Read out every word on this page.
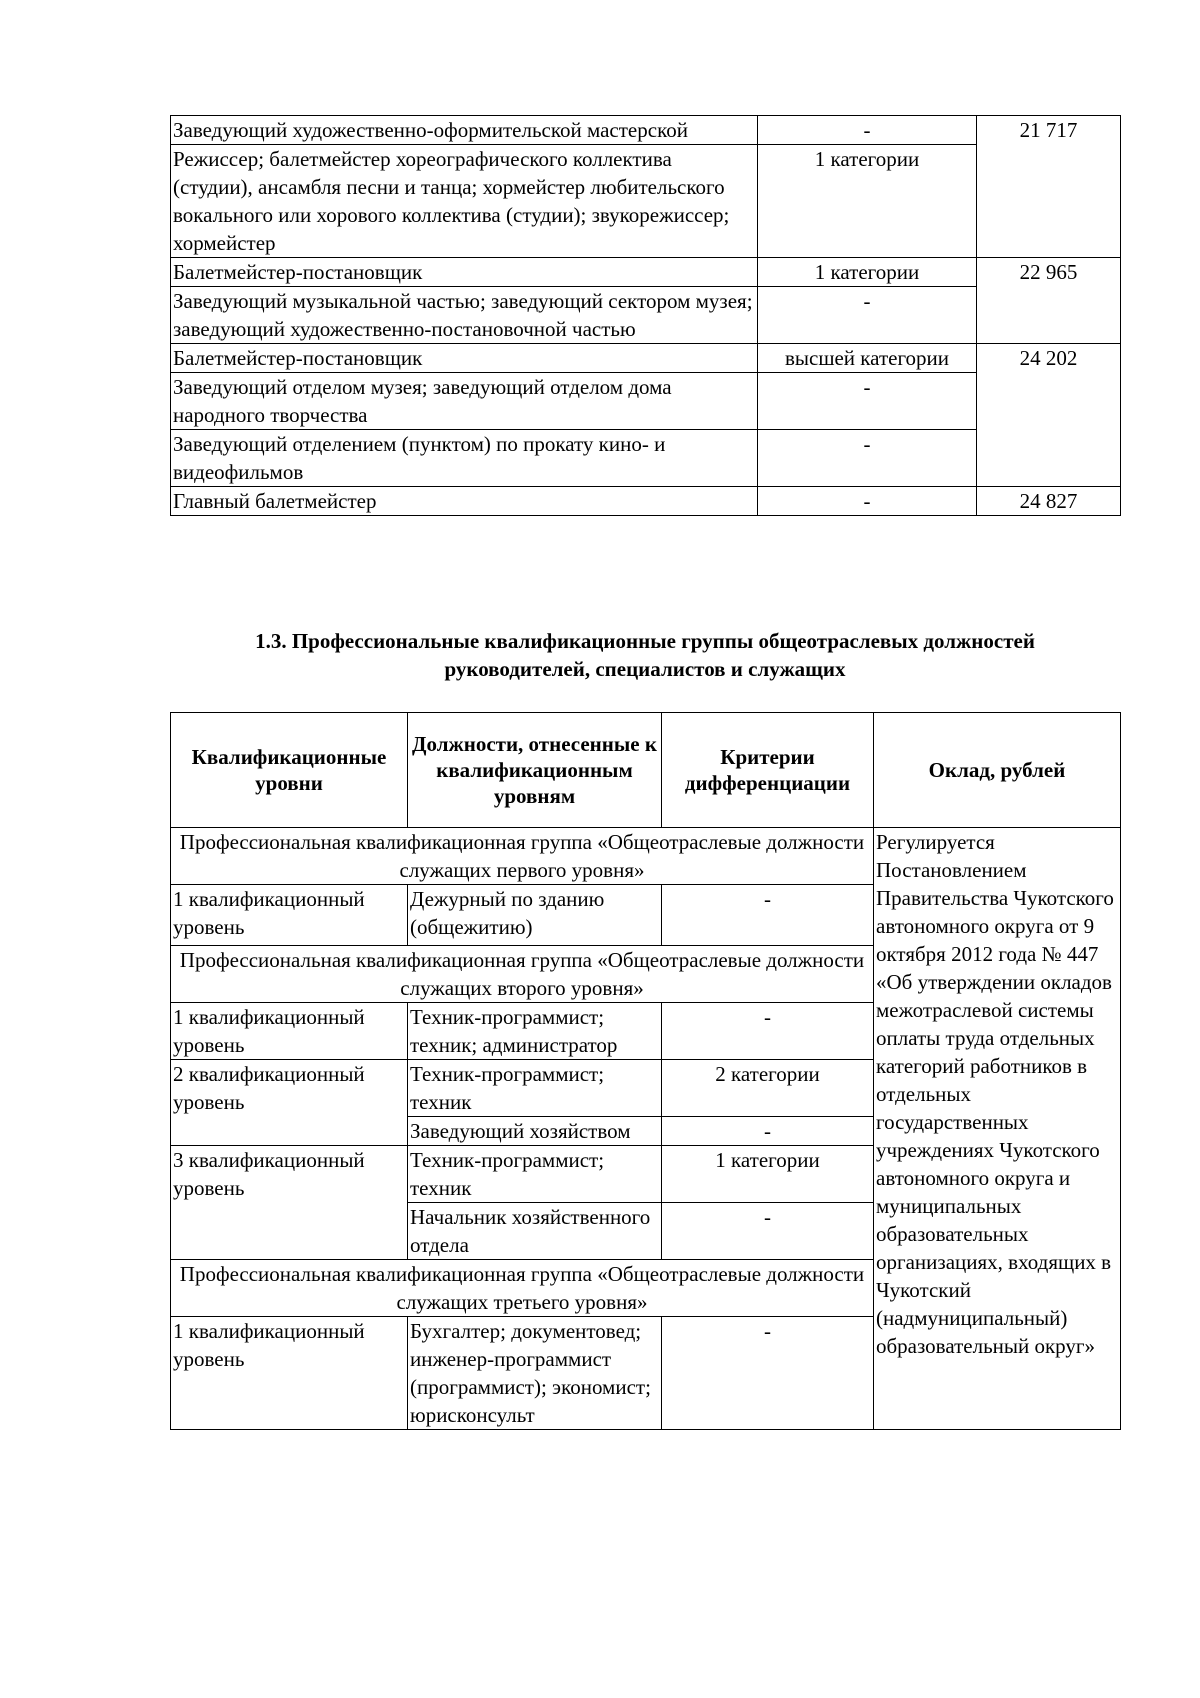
Заведующий художественно-оформительской мастерской	-	21 717
Режиссер; балетмейстер хореографического коллектива (студии), ансамбля песни и танца; хормейстер любительского вокального или хорового коллектива (студии); звукорежиссер; хормейстер	1 категории	
Балетмейстер-постановщик	1 категории	22 965
Заведующий музыкальной частью; заведующий сектором музея; заведующий художественно-постановочной частью	-	
Балетмейстер-постановщик	высшей категории	24 202
Заведующий отделом музея; заведующий отделом дома народного творчества	-	
Заведующий отделением (пунктом) по прокату кино- и видеофильмов	-	
Главный балетмейстер	-	24 827
1.3. Профессиональные квалификационные группы общеотраслевых должностей
руководителей, специалистов и служащих
Квалификационные уровни	Должности, отнесенные к квалификационным уровням	Критерии дифференциации	Оклад, рублей
Профессиональная квалификационная группа «Общеотраслевые должности служащих первого уровня»			Регулируется Постановлением Правительства Чукотского автономного округа от 9 октября 2012 года № 447 «Об утверждении окладов межотраслевой системы оплаты труда отдельных категорий работников в отдельных государственных учреждениях Чукотского автономного округа и муниципальных образовательных организациях, входящих в Чукотский (надмуниципальный) образовательный округ»
1 квалификационный уровень	Дежурный по зданию (общежитию)	-	
Профессиональная квалификационная группа «Общеотраслевые должности служащих второго уровня»			
1 квалификационный уровень	Техник-программист; техник; администратор	-	
2 квалификационный уровень	Техник-программист; техник	2 категории	
	Заведующий хозяйством	-	
3 квалификационный уровень	Техник-программист; техник	1 категории	
	Начальник хозяйственного отдела	-	
Профессиональная квалификационная группа «Общеотраслевые должности служащих третьего уровня»			
1 квалификационный уровень	Бухгалтер; документовед; инженер-программист (программист); экономист; юрисконсульт	-	
